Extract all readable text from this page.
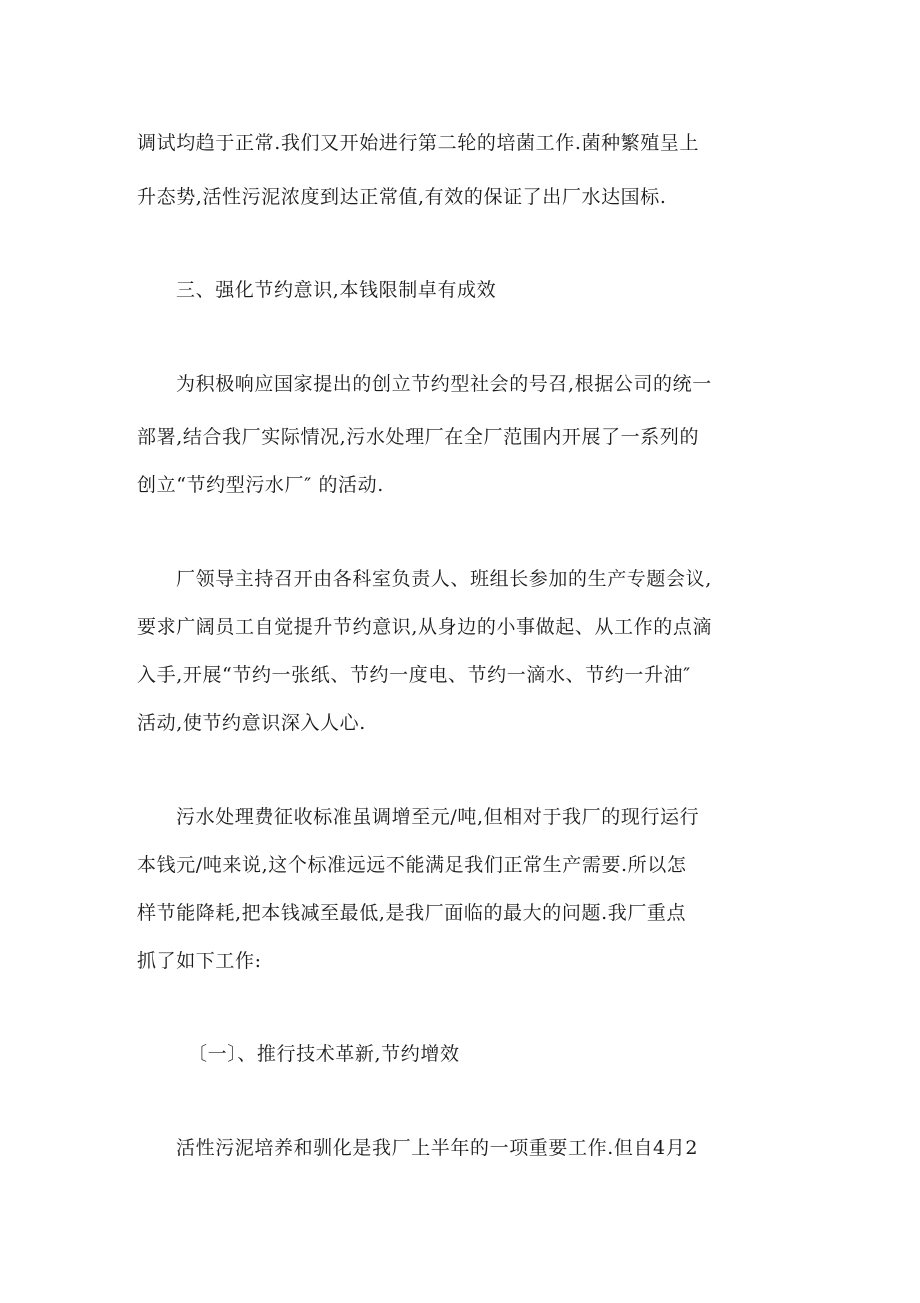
调试均趋于正常.我们又开始进行第二轮的培菌工作.菌种繁殖呈上
升态势,活性污泥浓度到达正常值,有效的保证了出厂水达国标.
三、强化节约意识,本钱限制卓有成效
为积极响应国家提出的创立节约型社会的号召,根据公司的统一
部署,结合我厂实际情况,污水处理厂在全厂范围内开展了一系列的
创立“节约型污水厂″ 的活动.
厂领导主持召开由各科室负责人、班组长参加的生产专题会议,
要求广阔员工自觉提升节约意识,从身边的小事做起、从工作的点滴
入手,开展“节约一张纸、节约一度电、节约一滴水、节约一升油″
活动,使节约意识深入人心.
污水处理费征收标准虽调增至元/吨,但相对于我厂的现行运行
本钱元/吨来说,这个标准远远不能满足我们正常生产需要.所以怎
样节能降耗,把本钱减至最低,是我厂面临的最大的问题.我厂重点
抓了如下工作:
〔一〕、推行技术革新,节约增效
活性污泥培养和驯化是我厂上半年的一项重要工作.但自4月2
